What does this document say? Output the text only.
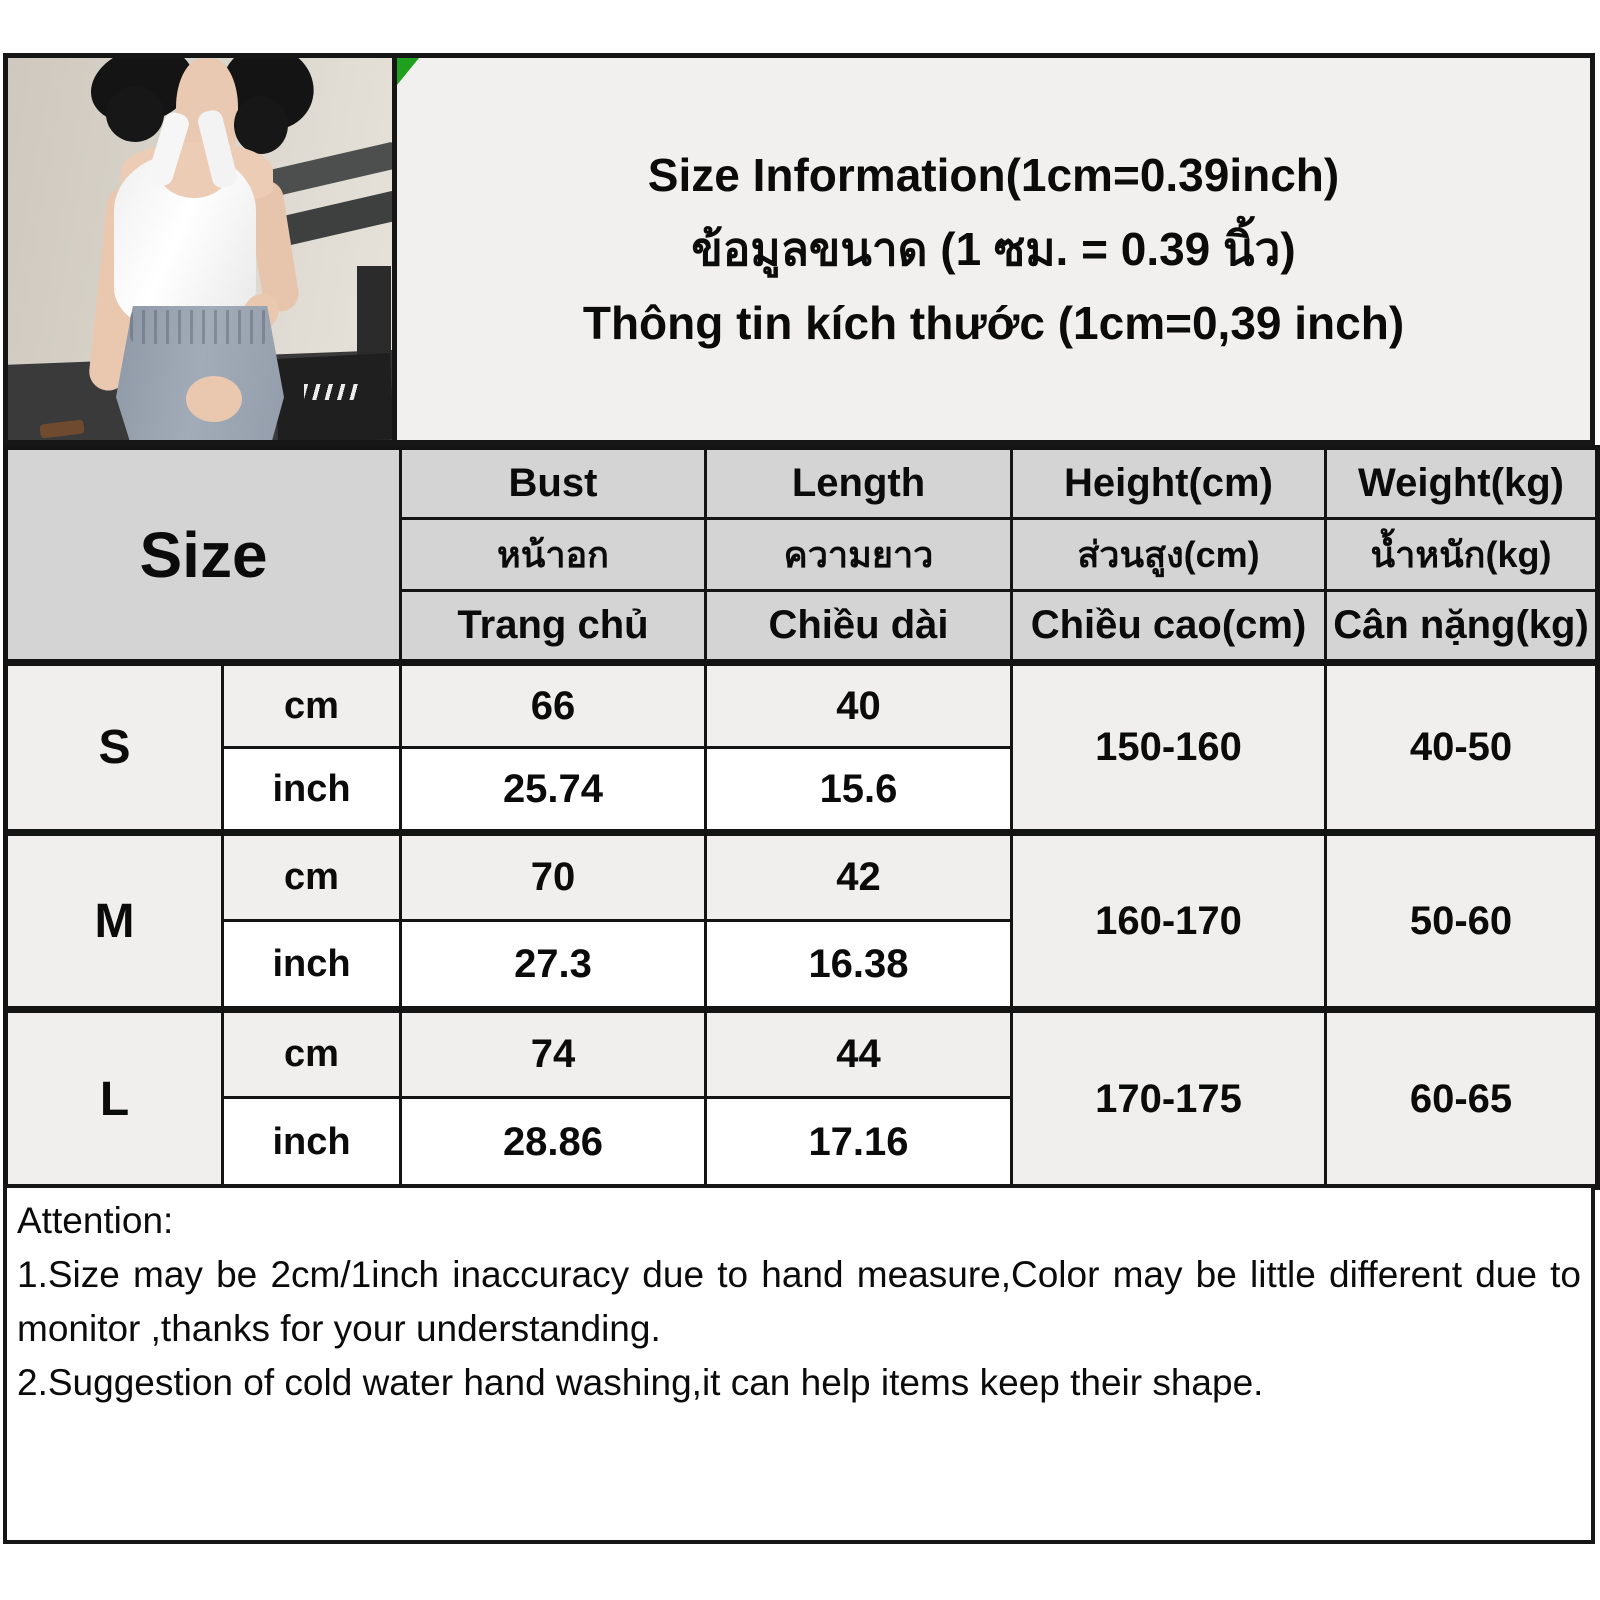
Size Information(1cm=0.39inch)
ข้อมูลขนาด (1 ซม. = 0.39 นิ้ว)
Thông tin kích thước (1cm=0,39 inch)
Size		Bust	Length	Height(cm)	Weight(kg)
		หน้าอก	ความยาว	ส่วนสูง(cm)	น้ำหนัก(kg)
		Trang chủ	Chiều dài	Chiều cao(cm)	Cân nặng(kg)
S	cm	66	40	150-160	40-50
	inch	25.74	15.6		
M	cm	70	42	160-170	50-60
	inch	27.3	16.38		
L	cm	74	44	170-175	60-65
	inch	28.86	17.16		
Attention:
1.Size may be 2cm/1inch inaccuracy due to hand measure,Color may be little different due to monitor ,thanks for your understanding.
2.Suggestion of cold water hand washing,it can help items keep their shape.
